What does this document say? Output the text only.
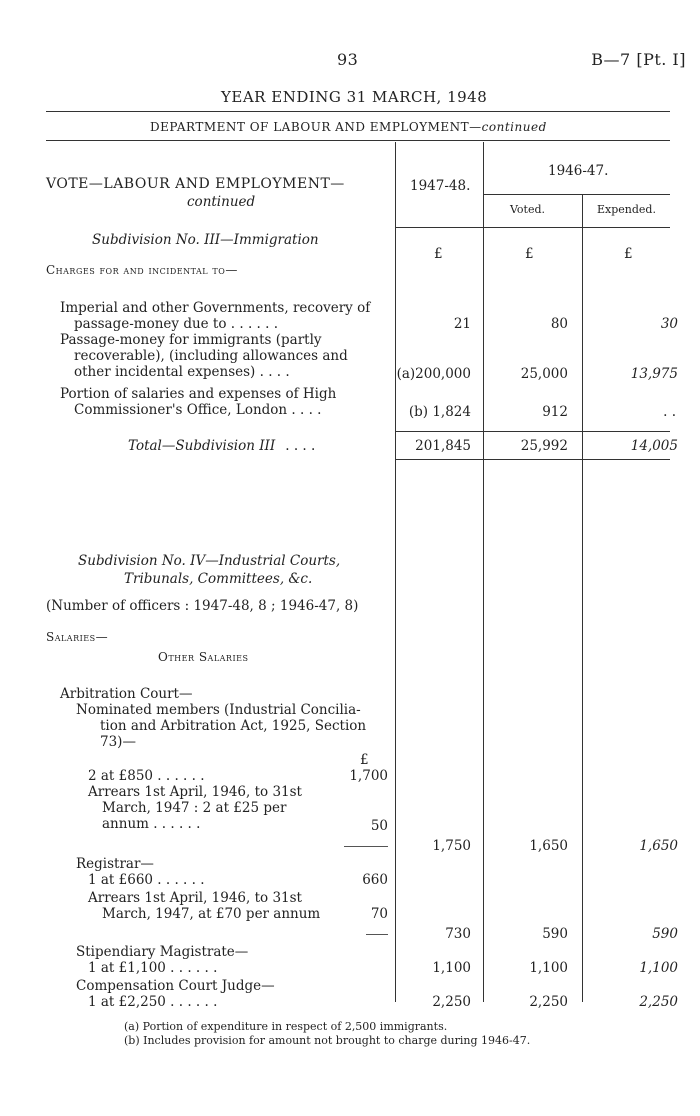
93	B—7 [Pt. I]
YEAR ENDING 31 MARCH, 1948
DEPARTMENT OF LABOUR AND EMPLOYMENT—continued
VOTE—LABOUR AND EMPLOYMENT—
continued
1947-48.
1946-47.
Voted.	Expended.
£	£	£
Subdivision No. III—Immigration
Charges for and incidental to—
Imperial and other Governments, recovery of
passage-money due to . . . . . .	21	80	30
Passage-money for immigrants (partly
recoverable), (including allowances and
other incidental expenses) . . . .	(a)200,000	25,000	13,975
Portion of salaries and expenses of High
Commissioner's Office, London . . . .	(b) 1,824	912	. .
Total—Subdivision III . . . .	201,845	25,992	14,005
Subdivision No. IV—Industrial Courts,
Tribunals, Committees, &c.
(Number of officers : 1947-48, 8 ; 1946-47, 8)
Salaries—
Other Salaries
Arbitration Court—
Nominated members (Industrial Concilia-
tion and Arbitration Act, 1925, Section
73)—
£
2 at £850 . . . . . .	1,700
Arrears 1st April, 1946, to 31st
March, 1947 : 2 at £25 per
annum . . . . . .	50
1,750	1,650	1,650
Registrar—
1 at £660 . . . . . .	660
Arrears 1st April, 1946, to 31st
March, 1947, at £70 per annum	70
730	590	590
Stipendiary Magistrate—
1 at £1,100 . . . . . .	1,100	1,100	1,100
Compensation Court Judge—
1 at £2,250 . . . . . .	2,250	2,250	2,250
(a) Portion of expenditure in respect of 2,500 immigrants.
(b) Includes provision for amount not brought to charge during 1946-47.
